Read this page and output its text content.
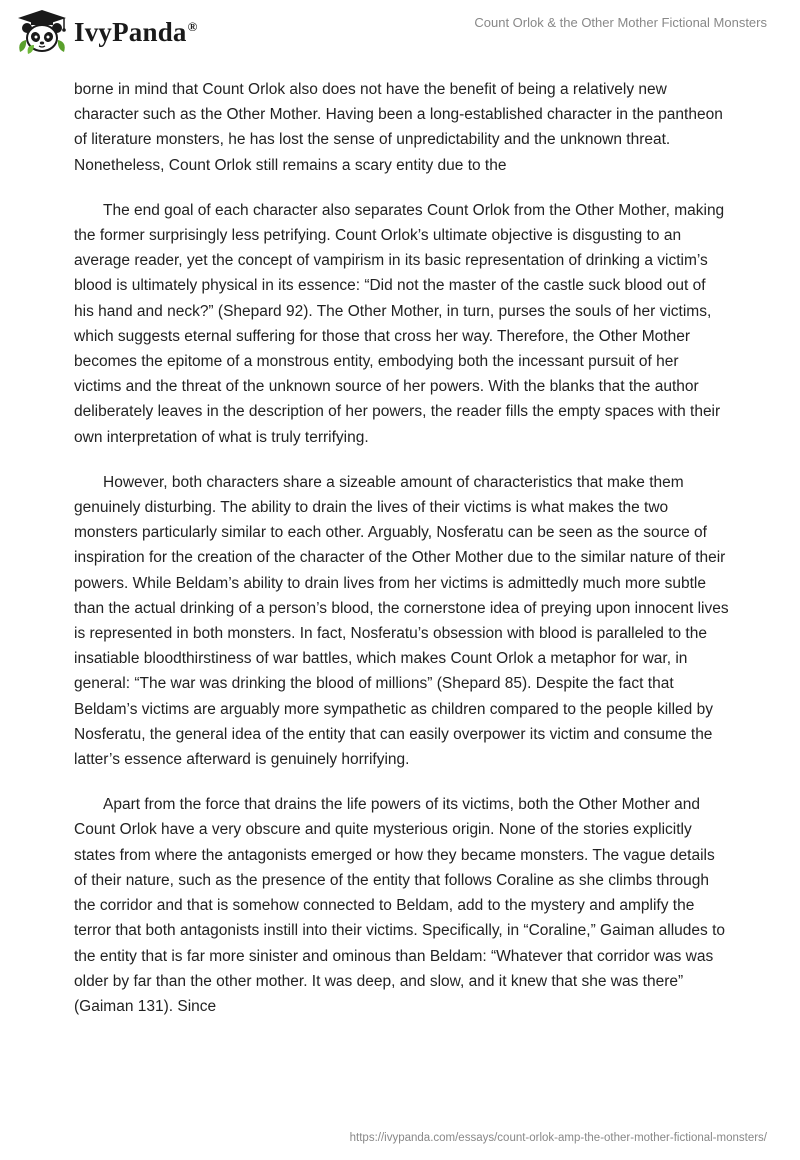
IvyPanda®	Count Orlok & the Other Mother Fictional Monsters

borne in mind that Count Orlok also does not have the benefit of being a relatively new character such as the Other Mother. Having been a long-established character in the pantheon of literature monsters, he has lost the sense of unpredictability and the unknown threat. Nonetheless, Count Orlok still remains a scary entity due to the

The end goal of each character also separates Count Orlok from the Other Mother, making the former surprisingly less petrifying. Count Orlok’s ultimate objective is disgusting to an average reader, yet the concept of vampirism in its basic representation of drinking a victim’s blood is ultimately physical in its essence: “Did not the master of the castle suck blood out of his hand and neck?” (Shepard 92). The Other Mother, in turn, purses the souls of her victims, which suggests eternal suffering for those that cross her way. Therefore, the Other Mother becomes the epitome of a monstrous entity, embodying both the incessant pursuit of her victims and the threat of the unknown source of her powers. With the blanks that the author deliberately leaves in the description of her powers, the reader fills the empty spaces with their own interpretation of what is truly terrifying.

However, both characters share a sizeable amount of characteristics that make them genuinely disturbing. The ability to drain the lives of their victims is what makes the two monsters particularly similar to each other. Arguably, Nosferatu can be seen as the source of inspiration for the creation of the character of the Other Mother due to the similar nature of their powers. While Beldam’s ability to drain lives from her victims is admittedly much more subtle than the actual drinking of a person’s blood, the cornerstone idea of preying upon innocent lives is represented in both monsters. In fact, Nosferatu’s obsession with blood is paralleled to the insatiable bloodthirstiness of war battles, which makes Count Orlok a metaphor for war, in general: “The war was drinking the blood of millions” (Shepard 85). Despite the fact that Beldam’s victims are arguably more sympathetic as children compared to the people killed by Nosferatu, the general idea of the entity that can easily overpower its victim and consume the latter’s essence afterward is genuinely horrifying.

Apart from the force that drains the life powers of its victims, both the Other Mother and Count Orlok have a very obscure and quite mysterious origin. None of the stories explicitly states from where the antagonists emerged or how they became monsters. The vague details of their nature, such as the presence of the entity that follows Coraline as she climbs through the corridor and that is somehow connected to Beldam, add to the mystery and amplify the terror that both antagonists instill into their victims. Specifically, in “Coraline,” Gaiman alludes to the entity that is far more sinister and ominous than Beldam: “Whatever that corridor was was older by far than the other mother. It was deep, and slow, and it knew that she was there” (Gaiman 131). Since

https://ivypanda.com/essays/count-orlok-amp-the-other-mother-fictional-monsters/
